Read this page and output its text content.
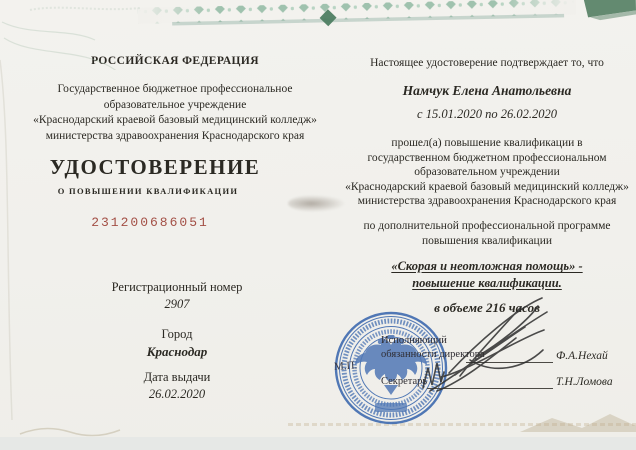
РОССИЙСКАЯ ФЕДЕРАЦИЯ
Государственное бюджетное профессиональное
образовательное учреждение
«Краснодарский краевой базовый медицинский колледж»
министерства здравоохранения Краснодарского края
УДОСТОВЕРЕНИЕ
О ПОВЫШЕНИИ КВАЛИФИКАЦИИ
231200686051
Регистрационный номер
2907
Город
Краснодар
Дата выдачи
26.02.2020
Настоящее удостоверение подтверждает то, что
Намчук Елена Анатольевна
с 15.01.2020 по 26.02.2020
прошел(а) повышение квалификации в
государственном бюджетном профессиональном
образовательном учреждении
«Краснодарский краевой базовый медицинский колледж»
министерства здравоохранения Краснодарского края
по дополнительной профессиональной программе
повышения квалификации
«Скорая и неотложная помощь» -
повышение квалификации.
в объеме 216 часов
М.П.
Исполняющий
обязанности директора	Ф.А.Нехай
Секретарь	Т.Н.Ломова
